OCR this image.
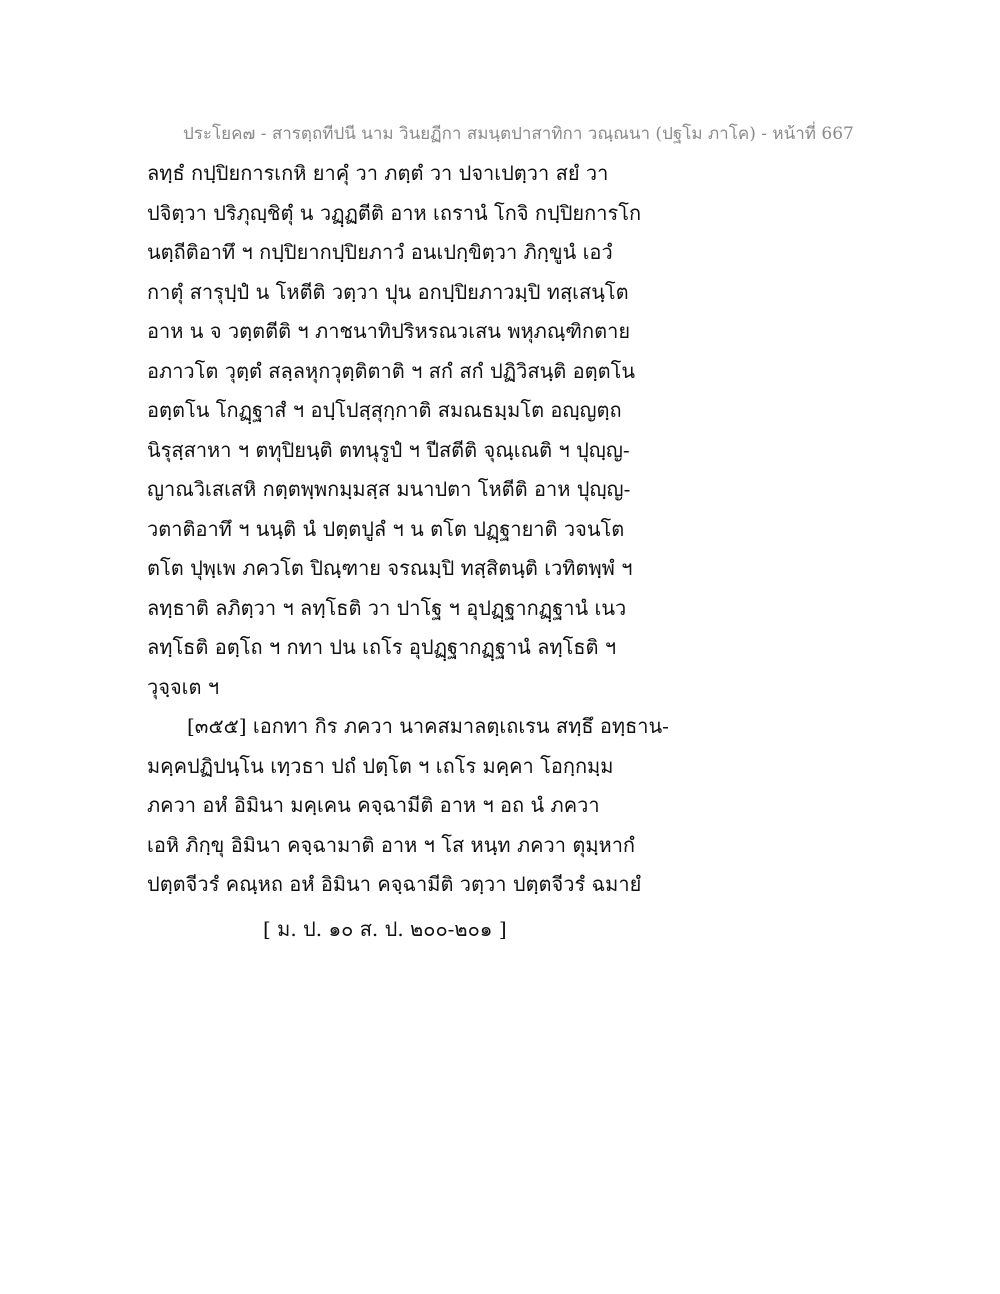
ประโยค๗ - สารตฺถทีปนี นาม วินยฏีกา สมนฺตปาสาทิกา วณฺณนา (ปฐโม ภาโค) - หน้าที่ 667
ลทฺธํ กปฺปิยการเกหิ ยาคุํ วา ภตฺตํ วา ปจาเปตฺวา สยํ วา
ปจิตฺวา ปริภุญฺชิตุํ น วฏฺฏตีติ อาห เถรานํ โกจิ กปฺปิยการโก
นตฺถีติอาทึ ฯ กปฺปิยากปฺปิยภาวํ อนเปกฺขิตฺวา ภิกฺขูนํ เอวํ
กาตุํ สารุปฺปํ น โหตีติ วตฺวา ปุน อกปฺปิยภาวมฺปิ ทสฺเสนฺโต
อาห น จ วตฺตตีติ ฯ ภาชนาทิปริหรณวเสน พหุภณฺฑิกตาย
อภาวโต วุตฺตํ สลฺลหุกวุตฺติตาติ ฯ สกํ สกํ ปฏิวิสนฺติ อตฺตโน
อตฺตโน โกฏฺฐาสํ ฯ อปฺโปสฺสุกฺกาติ สมณธมฺมโต อญฺญตฺถ
นิรุสฺสาหา ฯ ตทุปิยนฺติ ตทนุรูปํ ฯ ปีสตีติ จุณฺเณติ ฯ ปุญฺญ-
ญาณวิเสเสหิ กตฺตพฺพกมฺมสฺส มนาปตา โหตีติ อาห ปุญฺญ-
วตาติอาทึ ฯ นนฺติ นํ ปตฺตปูลํ ฯ น ตโต ปฏฺฐายาติ วจนโต
ตโต ปุพฺเพ ภควโต ปิณฺฑาย จรณมฺปิ ทสฺสิตนฺติ เวทิตพฺพํ ฯ
ลทฺธาติ ลภิตฺวา ฯ ลทฺโธติ วา ปาโฐ ฯ อุปฏฺฐากฏฺฐานํ เนว
ลทฺโธติ อตฺโถ ฯ กทา ปน เถโร อุปฏฺฐากฏฺฐานํ ลทฺโธติ ฯ
วุจฺจเต ฯ
[๓๕๕] เอกทา กิร ภควา นาคสมาลตฺเถเรน สทฺธึ อทฺธาน-
มคฺคปฏิปนฺโน เทฺวธา ปถํ ปตฺโต ฯ เถโร มคฺคา โอกฺกมฺม
ภควา อหํ อิมินา มคฺเคน คจฺฉามีติ อาห ฯ อถ นํ ภควา
เอหิ ภิกฺขุ อิมินา คจฺฉามาติ อาห ฯ โส หนฺท ภควา ตุมฺหากํ
ปตฺตจีวรํ คณฺหถ อหํ อิมินา คจฺฉามีติ วตฺวา ปตฺตจีวรํ ฉมายํ
[ ม. ป. ๑๐ ส. ป. ๒๐๐-๒๐๑ ]
